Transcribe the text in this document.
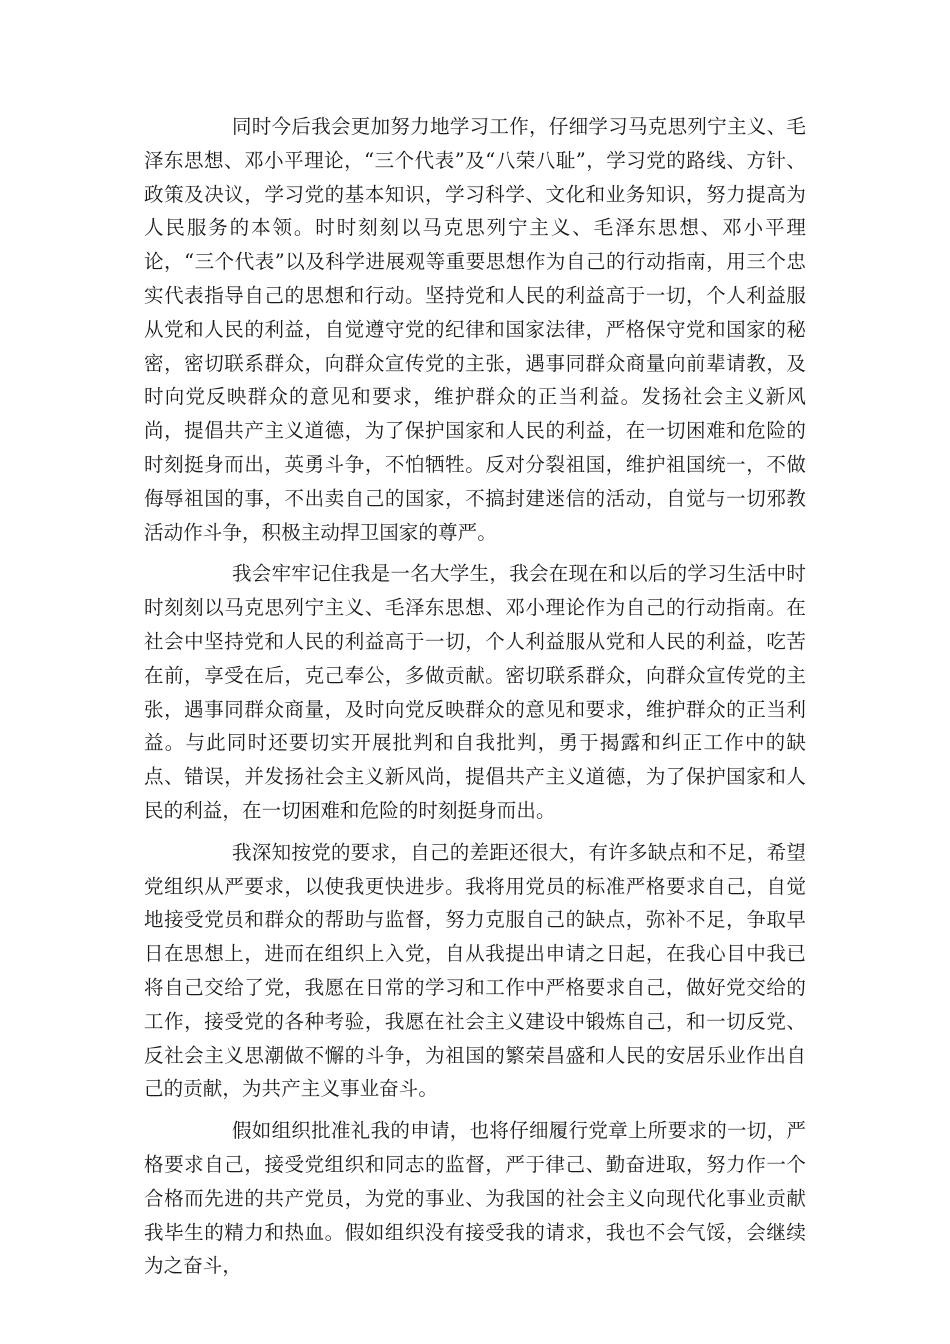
同时今后我会更加努力地学习工作，仔细学习马克思列宁主义、毛泽东思想、邓小平理论，“三个代表”及“八荣八耻”，学习党的路线、方针、政策及决议，学习党的基本知识，学习科学、文化和业务知识，努力提高为人民服务的本领。时时刻刻以马克思列宁主义、毛泽东思想、邓小平理论，“三个代表”以及科学进展观等重要思想作为自己的行动指南，用三个忠实代表指导自己的思想和行动。坚持党和人民的利益高于一切，个人利益服从党和人民的利益，自觉遵守党的纪律和国家法律，严格保守党和国家的秘密，密切联系群众，向群众宣传党的主张，遇事同群众商量向前辈请教，及时向党反映群众的意见和要求，维护群众的正当利益。发扬社会主义新风尚，提倡共产主义道德，为了保护国家和人民的利益，在一切困难和危险的时刻挺身而出，英勇斗争，不怕牺牲。反对分裂祖国，维护祖国统一，不做侮辱祖国的事，不出卖自己的国家，不搞封建迷信的活动，自觉与一切邪教活动作斗争，积极主动捍卫国家的尊严。

我会牢牢记住我是一名大学生，我会在现在和以后的学习生活中时时刻刻以马克思列宁主义、毛泽东思想、邓小理论作为自己的行动指南。在社会中坚持党和人民的利益高于一切，个人利益服从党和人民的利益，吃苦在前，享受在后，克己奉公，多做贡献。密切联系群众，向群众宣传党的主张，遇事同群众商量，及时向党反映群众的意见和要求，维护群众的正当利益。与此同时还要切实开展批判和自我批判，勇于揭露和纠正工作中的缺点、错误，并发扬社会主义新风尚，提倡共产主义道德，为了保护国家和人民的利益，在一切困难和危险的时刻挺身而出。

我深知按党的要求，自己的差距还很大，有许多缺点和不足，希望党组织从严要求，以使我更快进步。我将用党员的标准严格要求自己，自觉地接受党员和群众的帮助与监督，努力克服自己的缺点，弥补不足，争取早日在思想上，进而在组织上入党，自从我提出申请之日起，在我心目中我已将自己交给了党，我愿在日常的学习和工作中严格要求自己，做好党交给的工作，接受党的各种考验，我愿在社会主义建设中锻炼自己，和一切反党、反社会主义思潮做不懈的斗争，为祖国的繁荣昌盛和人民的安居乐业作出自己的贡献，为共产主义事业奋斗。

假如组织批准礼我的申请，也将仔细履行党章上所要求的一切，严格要求自己，接受党组织和同志的监督，严于律己、勤奋进取，努力作一个合格而先进的共产党员，为党的事业、为我国的社会主义向现代化事业贡献我毕生的精力和热血。假如组织没有接受我的请求，我也不会气馁，会继续为之奋斗，
